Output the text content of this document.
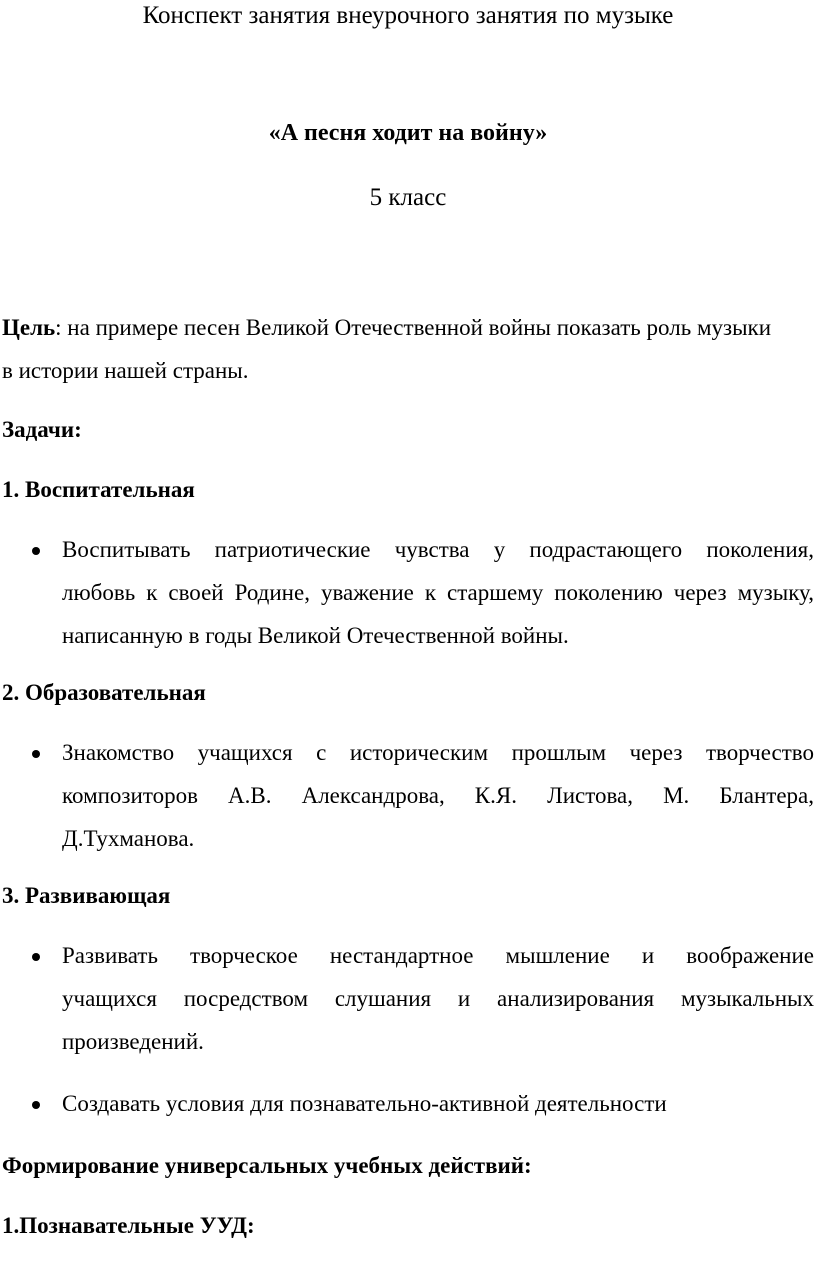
Конспект занятия внеурочного занятия по музыке
«А песня ходит на войну»
5 класс
Цель: на примере песен Великой Отечественной войны показать роль музыки
в истории нашей страны.
Задачи:
1. Воспитательная
Воспитывать патриотические чувства у подрастающего поколения,
любовь к своей Родине, уважение к старшему поколению через музыку,
написанную в годы Великой Отечественной войны.
2. Образовательная
Знакомство учащихся с историческим прошлым через творчество
композиторов А.В. Александрова, К.Я. Листова, М. Блантера,
Д.Тухманова.
3. Развивающая
Развивать творческое нестандартное мышление и воображение
учащихся посредством слушания и анализирования музыкальных
произведений.
Создавать условия для познавательно-активной деятельности
Формирование универсальных учебных действий:
1.Познавательные УУД:
